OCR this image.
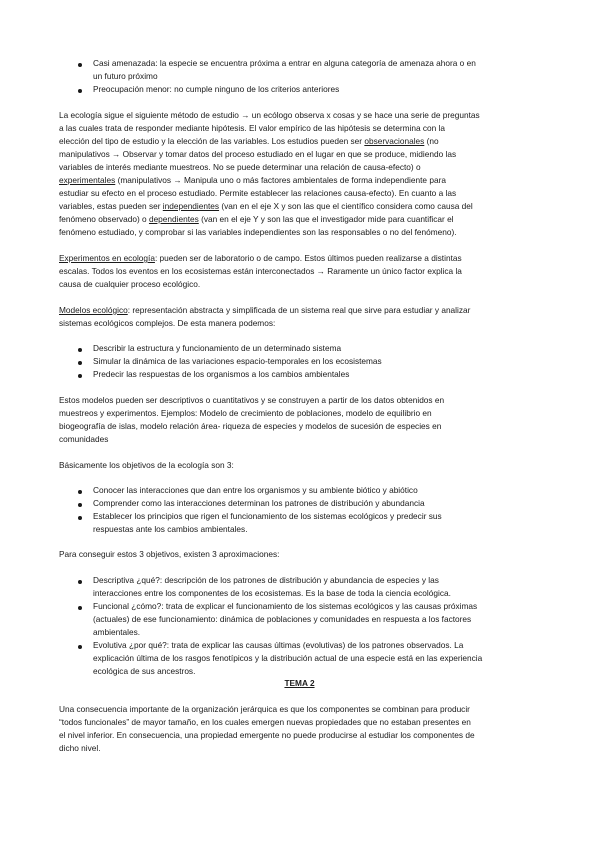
Casi amenazada: la especie se encuentra próxima a entrar en alguna categoría de amenaza ahora o en
un futuro próximo
Preocupación menor: no cumple ninguno de los criterios anteriores
La ecología sigue el siguiente método de estudio → un ecólogo observa x cosas y se hace una serie de preguntas
a las cuales trata de responder mediante hipótesis. El valor empírico de las hipótesis se determina con la
elección del tipo de estudio y la elección de las variables. Los estudios pueden ser observacionales (no
manipulativos → Observar y tomar datos del proceso estudiado en el lugar en que se produce, midiendo las
variables de interés mediante muestreos. No se puede determinar una relación de causa-efecto) o
experimentales (manipulativos → Manipula uno o más factores ambientales de forma independiente para
estudiar su efecto en el proceso estudiado. Permite establecer las relaciones causa-efecto). En cuanto a las
variables, estas pueden ser independientes (van en el eje X y son las que el científico considera como causa del
fenómeno observado) o dependientes (van en el eje Y y son las que el investigador mide para cuantificar el
fenómeno estudiado, y comprobar si las variables independientes son las responsables o no del fenómeno).
Experimentos en ecología: pueden ser de laboratorio o de campo. Estos últimos pueden realizarse a distintas
escalas. Todos los eventos en los ecosistemas están interconectados → Raramente un único factor explica la
causa de cualquier proceso ecológico.
Modelos ecológico: representación abstracta y simplificada de un sistema real que sirve para estudiar y analizar
sistemas ecológicos complejos. De esta manera podemos:
Describir la estructura y funcionamiento de un determinado sistema
Simular la dinámica de las variaciones espacio-temporales en los ecosistemas
Predecir las respuestas de los organismos a los cambios ambientales
Estos modelos pueden ser descriptivos o cuantitativos y se construyen a partir de los datos obtenidos en
muestreos y experimentos. Ejemplos: Modelo de crecimiento de poblaciones, modelo de equilibrio en
biogeografía de islas, modelo relación área- riqueza de especies y modelos de sucesión de especies en
comunidades
Básicamente los objetivos de la ecología son 3:
Conocer las interacciones que dan entre los organismos y su ambiente biótico y abiótico
Comprender como las interacciones determinan los patrones de distribución y abundancia
Establecer los principios que rigen el funcionamiento de los sistemas ecológicos y predecir sus
respuestas ante los cambios ambientales.
Para conseguir estos 3 objetivos, existen 3 aproximaciones:
Descriptiva ¿qué?: descripción de los patrones de distribución y abundancia de especies y las
interacciones entre los componentes de los ecosistemas. Es la base de toda la ciencia ecológica.
Funcional ¿cómo?: trata de explicar el funcionamiento de los sistemas ecológicos y las causas próximas
(actuales) de ese funcionamiento: dinámica de poblaciones y comunidades en respuesta a los factores
ambientales.
Evolutiva ¿por qué?: trata de explicar las causas últimas (evolutivas) de los patrones observados. La
explicación última de los rasgos fenotípicos y la distribución actual de una especie está en las experiencia
ecológica de sus ancestros.
TEMA 2
Una consecuencia importante de la organización jerárquica es que los componentes se combinan para producir
“todos funcionales” de mayor tamaño, en los cuales emergen nuevas propiedades que no estaban presentes en
el nivel inferior. En consecuencia, una propiedad emergente no puede producirse al estudiar los componentes de
dicho nivel.
